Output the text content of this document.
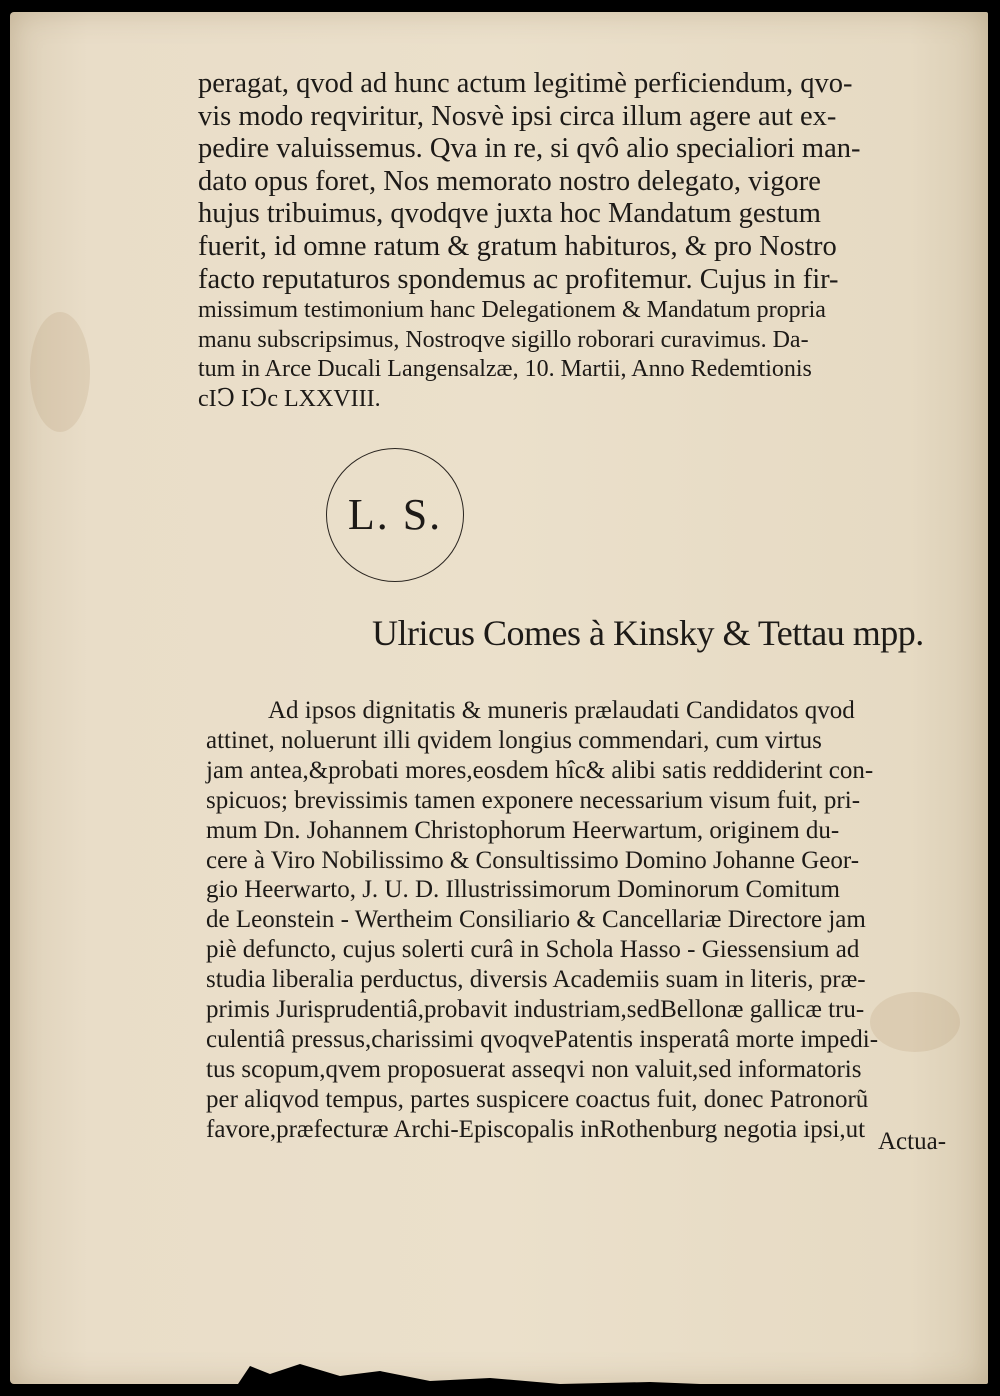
peragat, qvod ad hunc actum legitimè perficiendum, qvo-
vis modo reqviritur, Nosvè ipsi circa illum agere aut ex-
pedire valuissemus. Qva in re, si qvô alio specialiori man-
dato opus foret, Nos memorato nostro delegato, vigore
hujus tribuimus, qvodqve juxta hoc Mandatum gestum
fuerit, id omne ratum & gratum habituros, & pro Nostro
facto reputaturos spondemus ac profitemur. Cujus in fir-
missimum testimonium hanc Delegationem & Mandatum propria
manu subscripsimus, Nostroqve sigillo roborari curavimus. Da-
tum in Arce Ducali Langensalzæ, 10. Martii, Anno Redemtionis
cIↃ IↃc LXXVIII.
L. S.
Ulricus Comes à Kinsky & Tettau mpp.
Ad ipsos dignitatis & muneris prælaudati Candidatos qvod
attinet, noluerunt illi qvidem longius commendari, cum virtus
jam antea,&probati mores,eosdem hîc& alibi satis reddiderint con-
spicuos; brevissimis tamen exponere necessarium visum fuit, pri-
mum Dn. Johannem Christophorum Heerwartum, originem du-
cere à Viro Nobilissimo & Consultissimo Domino Johanne Geor-
gio Heerwarto, J. U. D. Illustrissimorum Dominorum Comitum
de Leonstein - Wertheim Consiliario & Cancellariæ Directore jam
piè defuncto, cujus solerti curâ in Schola Hasso - Giessensium ad
studia liberalia perductus, diversis Academiis suam in literis, præ-
primis Jurisprudentiâ,probavit industriam,sedBellonæ gallicæ tru-
culentiâ pressus,charissimi qvoqvePatentis insperatâ morte impedi-
tus scopum,qvem proposuerat asseqvi non valuit,sed informatoris
per aliqvod tempus, partes suspicere coactus fuit, donec Patronorũ
favore,præfecturæ Archi-Episcopalis inRothenburg negotia ipsi,ut Actua-
